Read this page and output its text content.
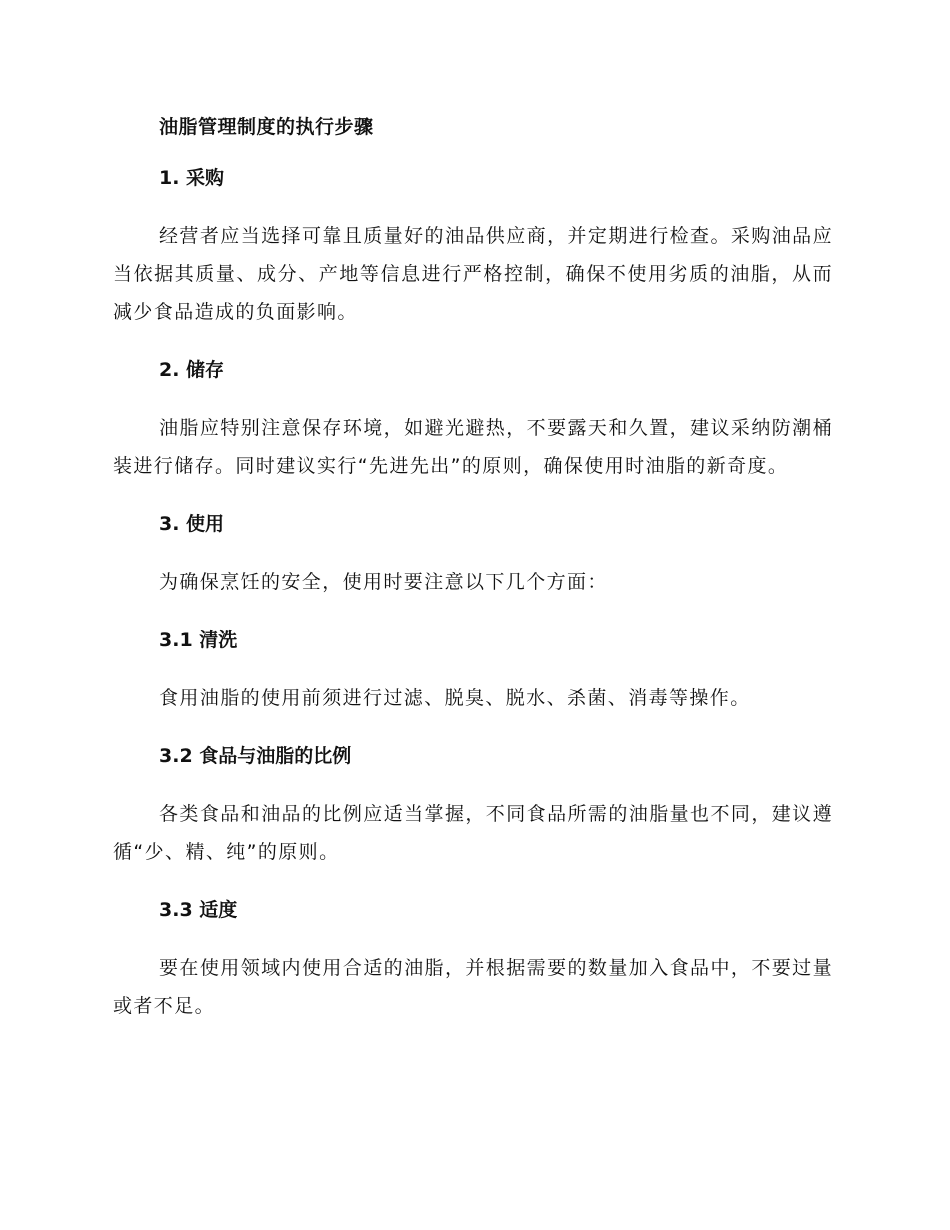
油脂管理制度的执行步骤
1. 采购

经营者应当选择可靠且质量好的油品供应商，并定期进行检查。采购油品应当依据其质量、成分、产地等信息进行严格控制，确保不使用劣质的油脂，从而减少食品造成的负面影响。

2. 储存

油脂应特别注意保存环境，如避光避热，不要露天和久置，建议采纳防潮桶装进行储存。同时建议实行“先进先出”的原则，确保使用时油脂的新奇度。

3. 使用

为确保烹饪的安全，使用时要注意以下几个方面：

3.1 清洗

食用油脂的使用前须进行过滤、脱臭、脱水、杀菌、消毒等操作。

3.2 食品与油脂的比例

各类食品和油品的比例应适当掌握，不同食品所需的油脂量也不同，建议遵循“少、精、纯”的原则。

3.3 适度

要在使用领域内使用合适的油脂，并根据需要的数量加入食品中，不要过量或者不足。
